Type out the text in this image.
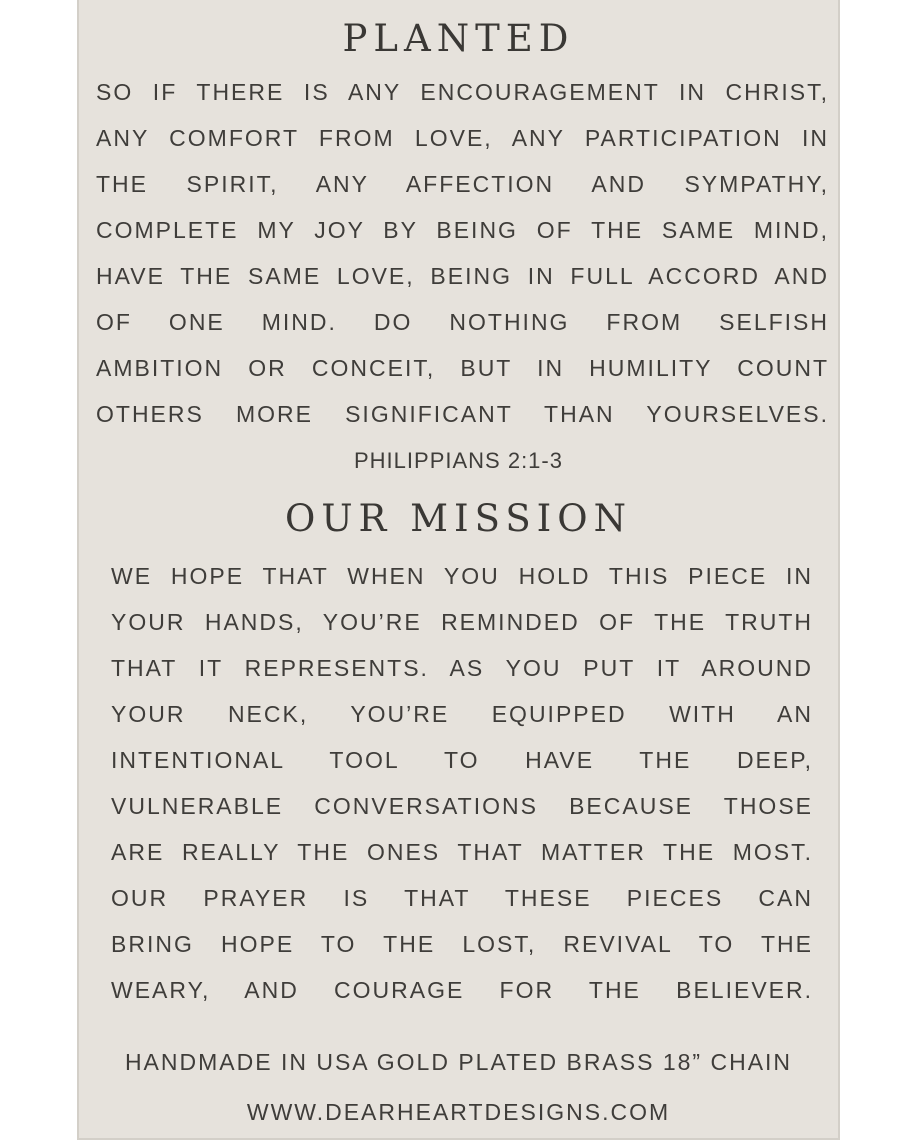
PLANTED
SO IF THERE IS ANY ENCOURAGEMENT IN CHRIST,
ANY COMFORT FROM LOVE, ANY PARTICIPATION IN
THE SPIRIT, ANY AFFECTION AND SYMPATHY,
COMPLETE MY JOY BY BEING OF THE SAME MIND,
HAVE THE SAME LOVE, BEING IN FULL ACCORD AND
OF ONE MIND. DO NOTHING FROM SELFISH
AMBITION OR CONCEIT, BUT IN HUMILITY COUNT
OTHERS MORE SIGNIFICANT THAN YOURSELVES.

PHILIPPIANS 2:1-3

OUR MISSION
WE HOPE THAT WHEN YOU HOLD THIS PIECE IN
YOUR HANDS, YOU’RE REMINDED OF THE TRUTH
THAT IT REPRESENTS. AS YOU PUT IT AROUND
YOUR NECK, YOU’RE EQUIPPED WITH AN
INTENTIONAL TOOL TO HAVE THE DEEP,
VULNERABLE CONVERSATIONS BECAUSE THOSE
ARE REALLY THE ONES THAT MATTER THE MOST.
OUR PRAYER IS THAT THESE PIECES CAN
BRING HOPE TO THE LOST, REVIVAL TO THE
WEARY, AND COURAGE FOR THE BELIEVER.

HANDMADE IN USA GOLD PLATED BRASS 18” CHAIN

WWW.DEARHEARTDESIGNS.COM
